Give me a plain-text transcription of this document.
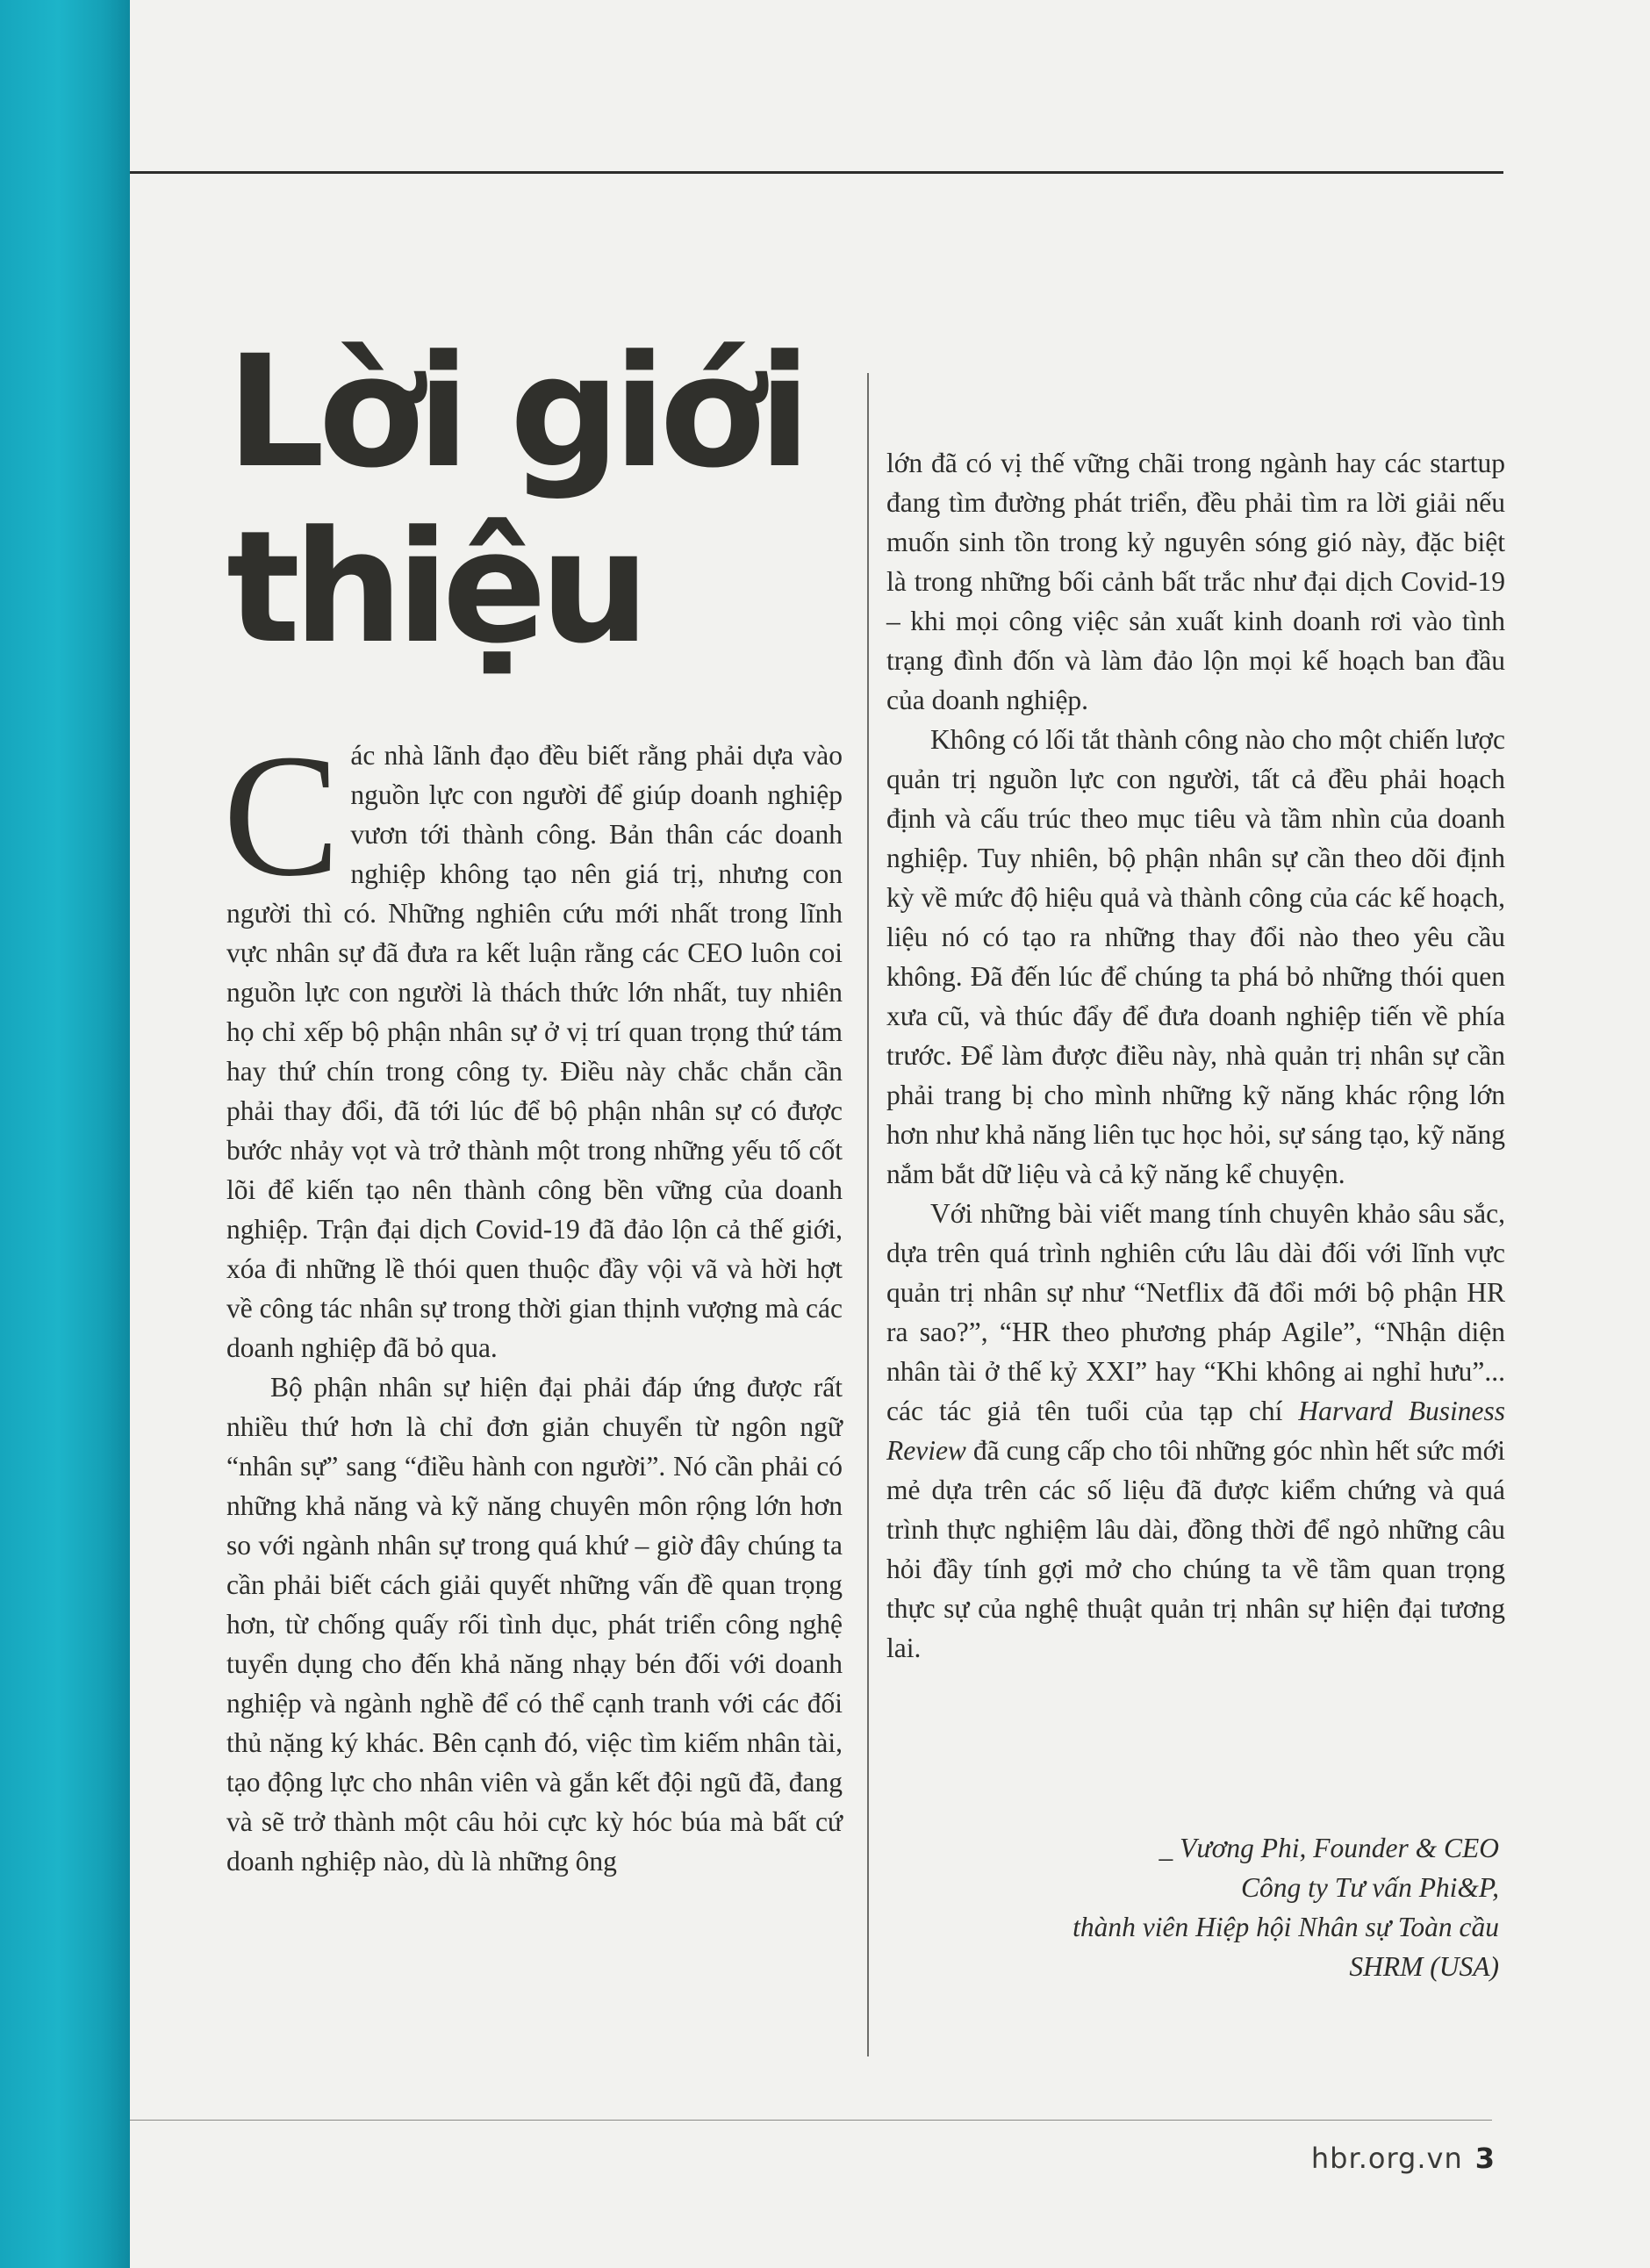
Lời giới
thiệu

Các nhà lãnh đạo đều biết rằng phải dựa vào nguồn lực con người để giúp doanh nghiệp vươn tới thành công. Bản thân các doanh nghiệp không tạo nên giá trị, nhưng con người thì có. Những nghiên cứu mới nhất trong lĩnh vực nhân sự đã đưa ra kết luận rằng các CEO luôn coi nguồn lực con người là thách thức lớn nhất, tuy nhiên họ chỉ xếp bộ phận nhân sự ở vị trí quan trọng thứ tám hay thứ chín trong công ty. Điều này chắc chắn cần phải thay đổi, đã tới lúc để bộ phận nhân sự có được bước nhảy vọt và trở thành một trong những yếu tố cốt lõi để kiến tạo nên thành công bền vững của doanh nghiệp. Trận đại dịch Covid-19 đã đảo lộn cả thế giới, xóa đi những lề thói quen thuộc đầy vội vã và hời hợt về công tác nhân sự trong thời gian thịnh vượng mà các doanh nghiệp đã bỏ qua.

Bộ phận nhân sự hiện đại phải đáp ứng được rất nhiều thứ hơn là chỉ đơn giản chuyển từ ngôn ngữ “nhân sự” sang “điều hành con người”. Nó cần phải có những khả năng và kỹ năng chuyên môn rộng lớn hơn so với ngành nhân sự trong quá khứ – giờ đây chúng ta cần phải biết cách giải quyết những vấn đề quan trọng hơn, từ chống quấy rối tình dục, phát triển công nghệ tuyển dụng cho đến khả năng nhạy bén đối với doanh nghiệp và ngành nghề để có thể cạnh tranh với các đối thủ nặng ký khác. Bên cạnh đó, việc tìm kiếm nhân tài, tạo động lực cho nhân viên và gắn kết đội ngũ đã, đang và sẽ trở thành một câu hỏi cực kỳ hóc búa mà bất cứ doanh nghiệp nào, dù là những ông

lớn đã có vị thế vững chãi trong ngành hay các startup đang tìm đường phát triển, đều phải tìm ra lời giải nếu muốn sinh tồn trong kỷ nguyên sóng gió này, đặc biệt là trong những bối cảnh bất trắc như đại dịch Covid-19 – khi mọi công việc sản xuất kinh doanh rơi vào tình trạng đình đốn và làm đảo lộn mọi kế hoạch ban đầu của doanh nghiệp.

Không có lối tắt thành công nào cho một chiến lược quản trị nguồn lực con người, tất cả đều phải hoạch định và cấu trúc theo mục tiêu và tầm nhìn của doanh nghiệp. Tuy nhiên, bộ phận nhân sự cần theo dõi định kỳ về mức độ hiệu quả và thành công của các kế hoạch, liệu nó có tạo ra những thay đổi nào theo yêu cầu không. Đã đến lúc để chúng ta phá bỏ những thói quen xưa cũ, và thúc đẩy để đưa doanh nghiệp tiến về phía trước. Để làm được điều này, nhà quản trị nhân sự cần phải trang bị cho mình những kỹ năng khác rộng lớn hơn như khả năng liên tục học hỏi, sự sáng tạo, kỹ năng nắm bắt dữ liệu và cả kỹ năng kể chuyện.

Với những bài viết mang tính chuyên khảo sâu sắc, dựa trên quá trình nghiên cứu lâu dài đối với lĩnh vực quản trị nhân sự như “Netflix đã đổi mới bộ phận HR ra sao?”, “HR theo phương pháp Agile”, “Nhận diện nhân tài ở thế kỷ XXI” hay “Khi không ai nghỉ hưu”... các tác giả tên tuổi của tạp chí Harvard Business Review đã cung cấp cho tôi những góc nhìn hết sức mới mẻ dựa trên các số liệu đã được kiểm chứng và quá trình thực nghiệm lâu dài, đồng thời để ngỏ những câu hỏi đầy tính gợi mở cho chúng ta về tầm quan trọng thực sự của nghệ thuật quản trị nhân sự hiện đại tương lai.

_ Vương Phi, Founder & CEO
Công ty Tư vấn Phi&P,
thành viên Hiệp hội Nhân sự Toàn cầu
SHRM (USA)
hbr.org.vn 3
